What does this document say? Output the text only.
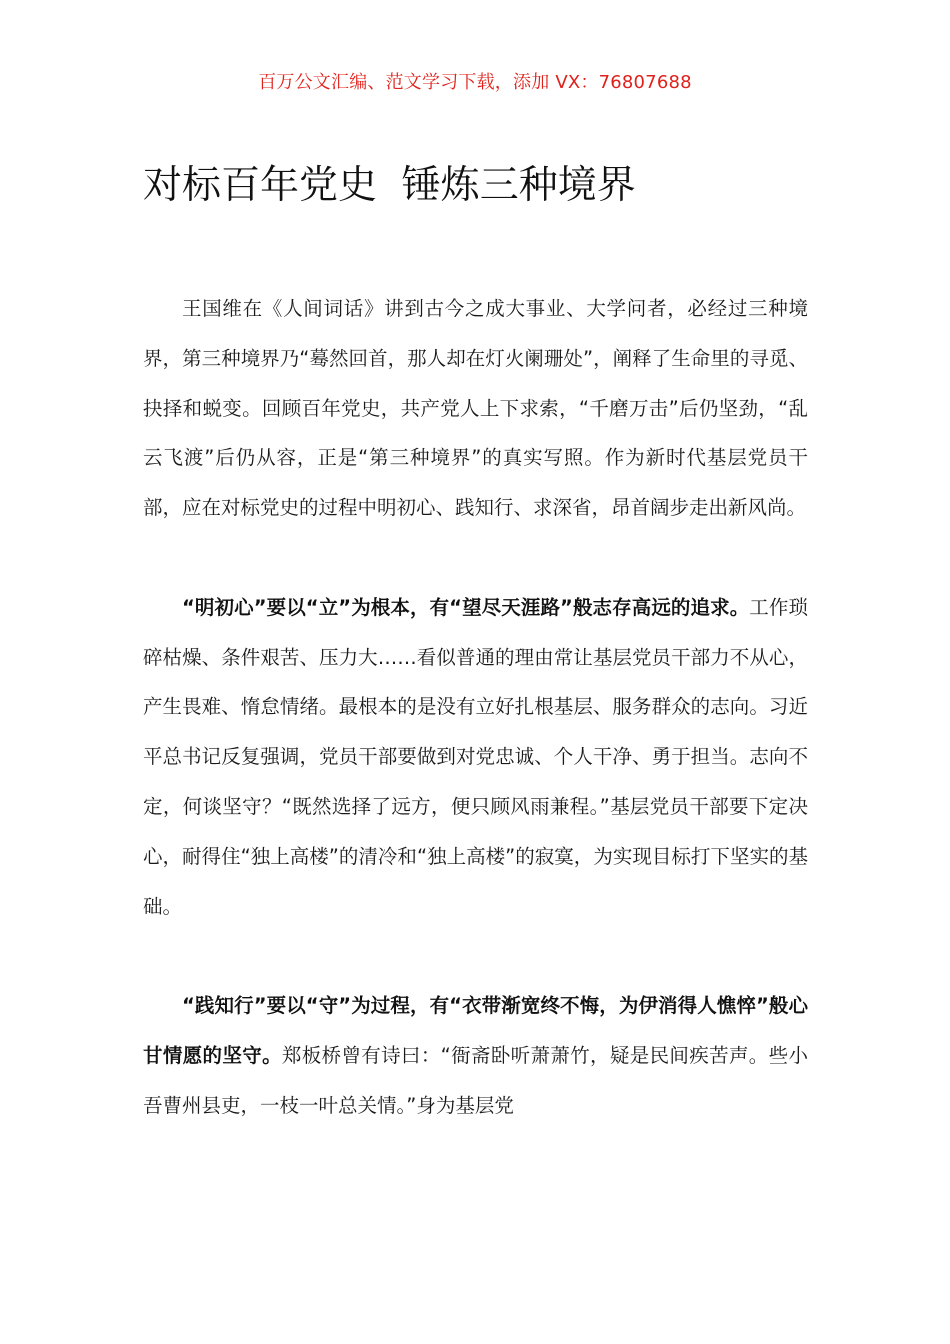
百万公文汇编、范文学习下载，添加 VX：76807688
对标百年党史  锤炼三种境界

王国维在《人间词话》讲到古今之成大事业、大学问者，必经过三种境界，第三种境界乃“蓦然回首，那人却在灯火阑珊处”，阐释了生命里的寻觅、抉择和蜕变。回顾百年党史，共产党人上下求索，“千磨万击”后仍坚劲，“乱云飞渡”后仍从容，正是“第三种境界”的真实写照。作为新时代基层党员干部，应在对标党史的过程中明初心、践知行、求深省，昂首阔步走出新风尚。

“明初心”要以“立”为根本，有“望尽天涯路”般志存高远的追求。工作琐碎枯燥、条件艰苦、压力大……看似普通的理由常让基层党员干部力不从心，产生畏难、惰怠情绪。最根本的是没有立好扎根基层、服务群众的志向。习近平总书记反复强调，党员干部要做到对党忠诚、个人干净、勇于担当。志向不定，何谈坚守？“既然选择了远方，便只顾风雨兼程。”基层党员干部要下定决心，耐得住“独上高楼”的清冷和“独上高楼”的寂寞，为实现目标打下坚实的基础。

“践知行”要以“守”为过程，有“衣带渐宽终不悔，为伊消得人憔悴”般心甘情愿的坚守。郑板桥曾有诗曰：“衙斋卧听萧萧竹，疑是民间疾苦声。些小吾曹州县吏，一枝一叶总关情。”身为基层党
